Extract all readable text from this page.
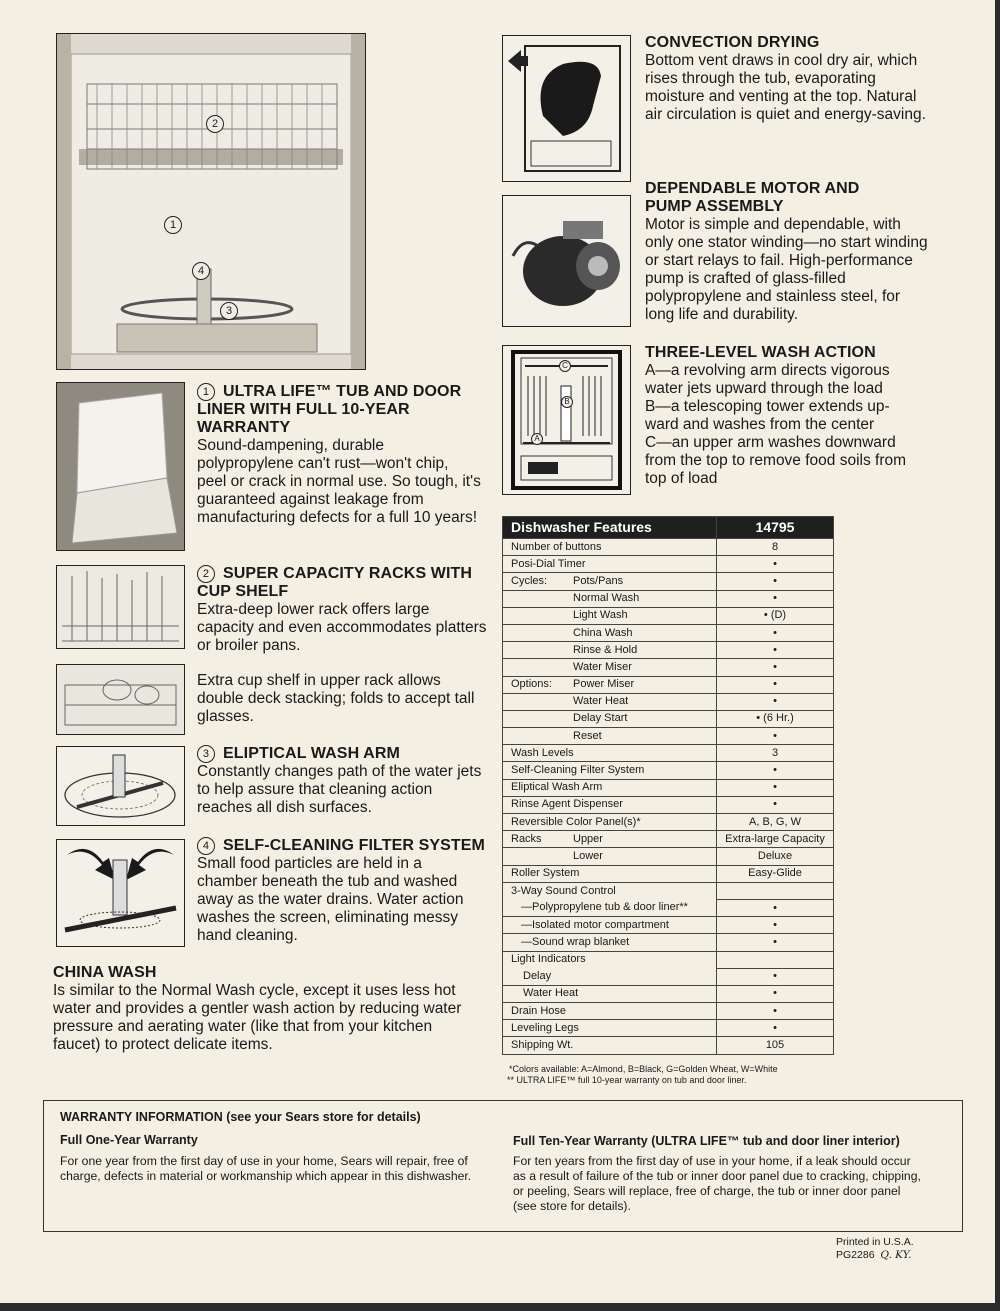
2
1
4
3
1 ULTRA LIFE™ TUB AND DOOR LINER WITH FULL 10-YEAR WARRANTY
Sound-dampening, durable polypropylene can't rust—won't chip, peel or crack in normal use. So tough, it's guaranteed against leakage from manufacturing defects for a full 10 years!
2 SUPER CAPACITY RACKS WITH CUP SHELF
Extra-deep lower rack offers large capacity and even accommodates platters or broiler pans.
Extra cup shelf in upper rack allows double deck stacking; folds to accept tall glasses.
3 ELIPTICAL WASH ARM
Constantly changes path of the water jets to help assure that cleaning action reaches all dish surfaces.
4 SELF-CLEANING FILTER SYSTEM
Small food particles are held in a chamber beneath the tub and washed away as the water drains. Water action washes the screen, eliminating messy hand cleaning.
CHINA WASH
Is similar to the Normal Wash cycle, except it uses less hot water and provides a gentler wash action by reducing water pressure and aerating water (like that from your kitchen faucet) to protect delicate items.
CONVECTION DRYING
Bottom vent draws in cool dry air, which rises through the tub, evaporating moisture and venting at the top. Natural air circulation is quiet and energy-saving.
DEPENDABLE MOTOR AND PUMP ASSEMBLY
Motor is simple and dependable, with only one stator winding—no start winding or start relays to fail. High-performance pump is crafted of glass-filled polypropylene and stainless steel, for long life and durability.
C
B
A
THREE-LEVEL WASH ACTION
A—a revolving arm directs vigorous
water jets upward through the load
B—a telescoping tower extends up-
ward and washes from the center
C—an upper arm washes downward
from the top to remove food soils from
top of load
Dishwasher Features	14795
Number of buttons	8
Posi-Dial Timer	•
Cycles: Pots/Pans	•
Normal Wash	•
Light Wash	• (D)
China Wash	•
Rinse & Hold	•
Water Miser	•
Options: Power Miser	•
Water Heat	•
Delay Start	• (6 Hr.)
Reset	•
Wash Levels	3
Self-Cleaning Filter System	•
Eliptical Wash Arm	•
Rinse Agent Dispenser	•
Reversible Color Panel(s)*	A, B, G, W
Racks Upper	Extra-large Capacity
Lower	Deluxe
Roller System	Easy-Glide
3-Way Sound Control	
—Polypropylene tub & door liner**	•
—Isolated motor compartment	•
—Sound wrap blanket	•
Light Indicators	
Delay	•
Water Heat	•
Drain Hose	•
Leveling Legs	•
Shipping Wt.	105
*Colors available: A=Almond, B=Black, G=Golden Wheat, W=White
** ULTRA LIFE™ full 10-year warranty on tub and door liner.
WARRANTY INFORMATION (see your Sears store for details)
Full One-Year Warranty
For one year from the first day of use in your home, Sears will repair, free of charge, defects in material or workmanship which appear in this dishwasher.
Full Ten-Year Warranty (ULTRA LIFE™ tub and door liner interior)
For ten years from the first day of use in your home, if a leak should occur as a result of failure of the tub or inner door panel due to cracking, chipping, or peeling, Sears will replace, free of charge, the tub or inner door panel (see store for details).
Printed in U.S.A.
PG2286 Q. KY.
